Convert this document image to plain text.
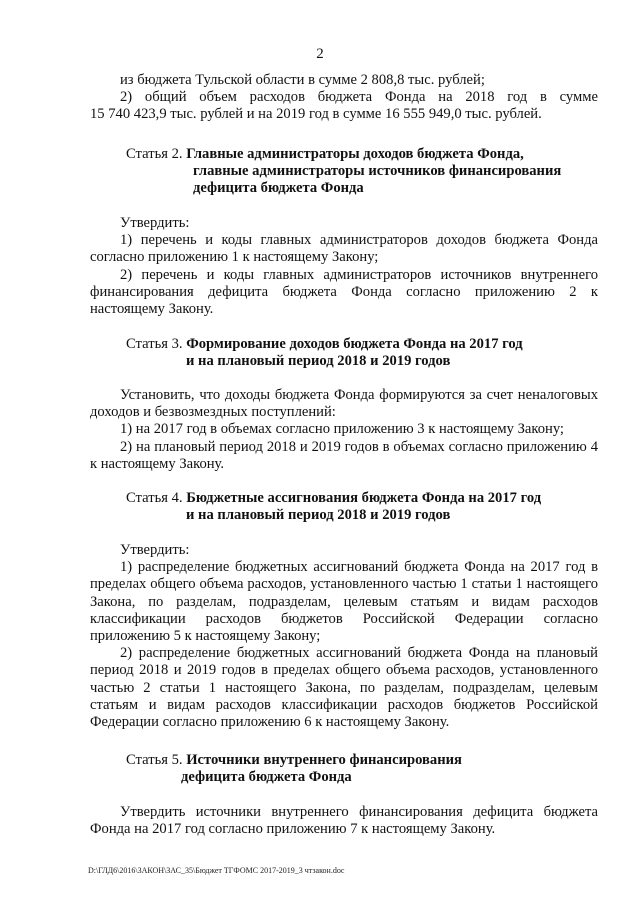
2

из бюджета Тульской области в сумме 2 808,8 тыс. рублей;

2) общий объем расходов бюджета Фонда на 2018 год в сумме

15 740 423,9 тыс. рублей и на 2019 год в сумме 16 555 949,0 тыс. рублей.

Статья 2. Главные администраторы доходов бюджета Фонда,
главные администраторы источников финансирования
дефицита бюджета Фонда

Утвердить:

1) перечень и коды главных администраторов доходов бюджета Фонда согласно приложению 1 к настоящему Закону;

2) перечень и коды главных администраторов источников внутреннего финансирования дефицита бюджета Фонда согласно приложению 2 к настоящему Закону.

Статья 3. Формирование доходов бюджета Фонда на 2017 год
и на плановый период 2018 и 2019 годов

Установить, что доходы бюджета Фонда формируются за счет неналоговых доходов и безвозмездных поступлений:

1) на 2017 год в объемах согласно приложению 3 к настоящему Закону;

2) на плановый период 2018 и 2019 годов в объемах согласно приложению 4 к настоящему Закону.

Статья 4. Бюджетные ассигнования бюджета Фонда на 2017 год
и на плановый период 2018 и 2019 годов

Утвердить:

1) распределение бюджетных ассигнований бюджета Фонда на 2017 год в пределах общего объема расходов, установленного частью 1 статьи 1 настоящего Закона, по разделам, подразделам, целевым статьям и видам расходов классификации расходов бюджетов Российской Федерации согласно приложению 5 к настоящему Закону;

2) распределение бюджетных ассигнований бюджета Фонда на плановый период 2018 и 2019 годов в пределах общего объема расходов, установленного частью 2 статьи 1 настоящего Закона, по разделам, подразделам, целевым статьям и видам расходов классификации расходов бюджетов Российской Федерации согласно приложению 6 к настоящему Закону.

Статья 5. Источники внутреннего финансирования
дефицита бюджета Фонда

Утвердить источники внутреннего финансирования дефицита бюджета Фонда на 2017 год согласно приложению 7 к настоящему Закону.

D:\ГЛД6\2016\ЗАКОН\ЗАС_35\Бюджет ТГФОМС 2017-2019_3 чтзакон.doc
